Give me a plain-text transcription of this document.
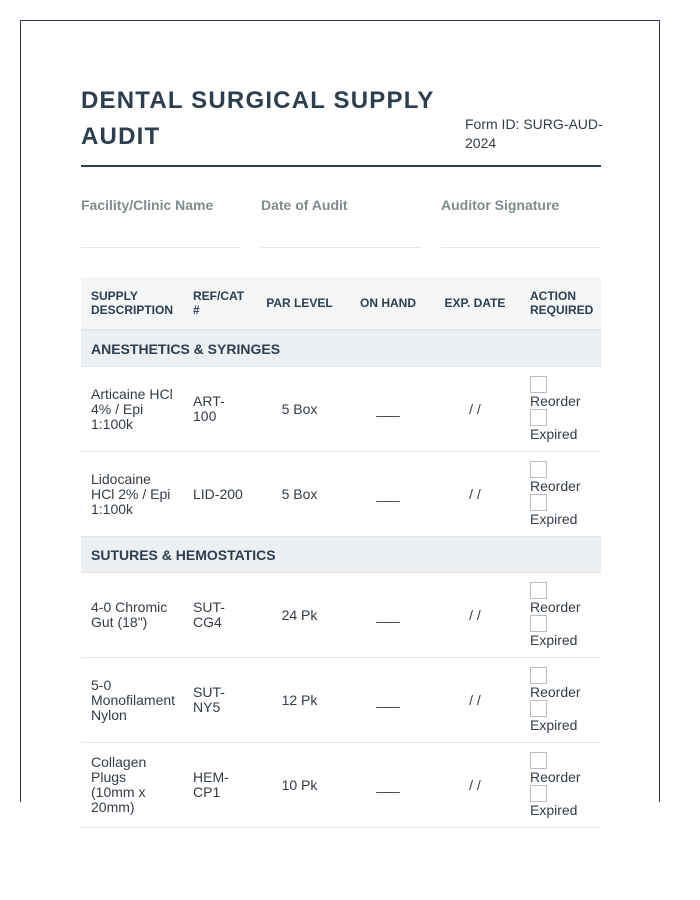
DENTAL SURGICAL SUPPLY AUDIT	Form ID: SURG-AUD-2024
Facility/Clinic Name	Date of Audit	Auditor Signature
SUPPLY DESCRIPTION	REF/CAT #	PAR LEVEL	ON HAND	EXP. DATE	ACTION REQUIRED
ANESTHETICS & SYRINGES					
Articaine HCl 4% / Epi 1:100k	ART-100	5 Box	___	/ /	Reorder
Expired

Lidocaine HCl 2% / Epi 1:100k	LID-200	5 Box	___	/ /	Reorder
Expired

SUTURES & HEMOSTATICS					
4-0 Chromic Gut (18")	SUT-CG4	24 Pk	___	/ /	Reorder
Expired

5-0 Monofilament Nylon	SUT-NY5	12 Pk	___	/ /	Reorder
Expired

Collagen Plugs (10mm x 20mm)	HEM-CP1	10 Pk	___	/ /	Reorder
Expired
